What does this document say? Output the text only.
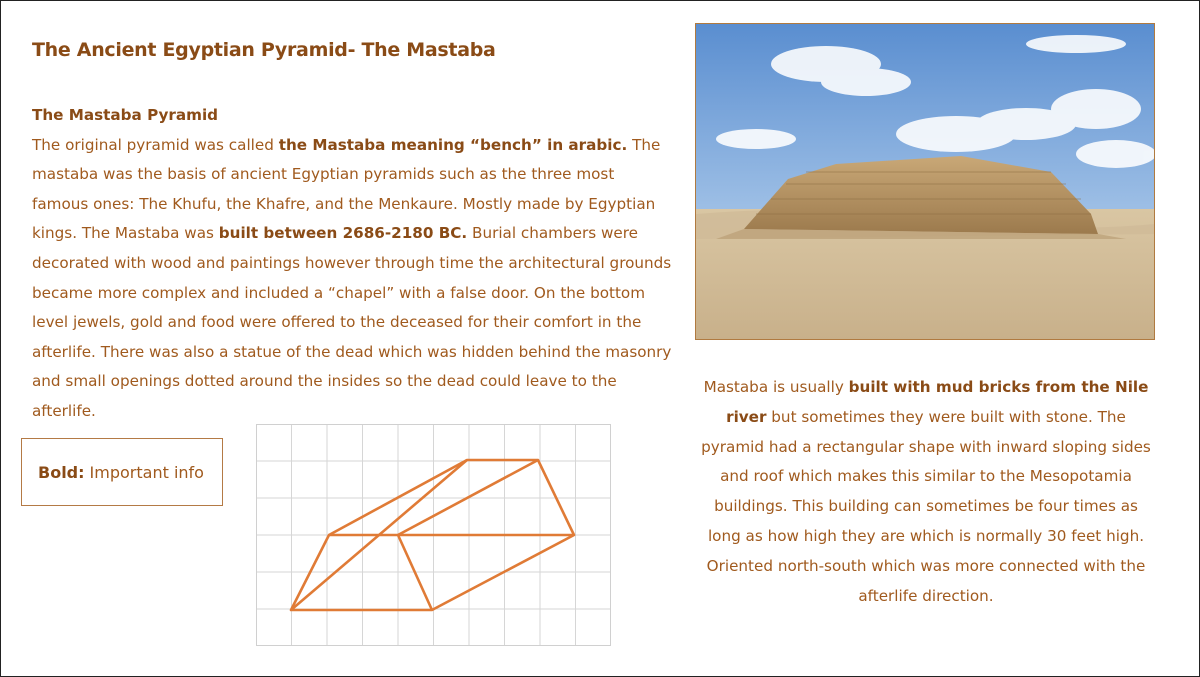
The Ancient Egyptian Pyramid- The Mastaba
The Mastaba Pyramid
The original pyramid was called the Mastaba meaning “bench” in arabic. The mastaba was the basis of ancient Egyptian pyramids such as the three most famous ones: The Khufu, the Khafre, and the Menkaure. Mostly made by Egyptian kings. The Mastaba was built between 2686-2180 BC. Burial chambers were decorated with wood and paintings however through time the architectural grounds became more complex and included a “chapel” with a false door. On the bottom level jewels, gold and food were offered to the deceased for their comfort in the afterlife. There was also a statue of the dead which was hidden behind the masonry and small openings dotted around the insides so the dead could leave to the afterlife.
Bold: Important info
Mastaba is usually built with mud bricks from the Nile river but sometimes they were built with stone. The pyramid had a rectangular shape with inward sloping sides and roof which makes this similar to the Mesopotamia buildings. This building can sometimes be four times as long as how high they are which is normally 30 feet high. Oriented north-south which was more connected with the afterlife direction.
